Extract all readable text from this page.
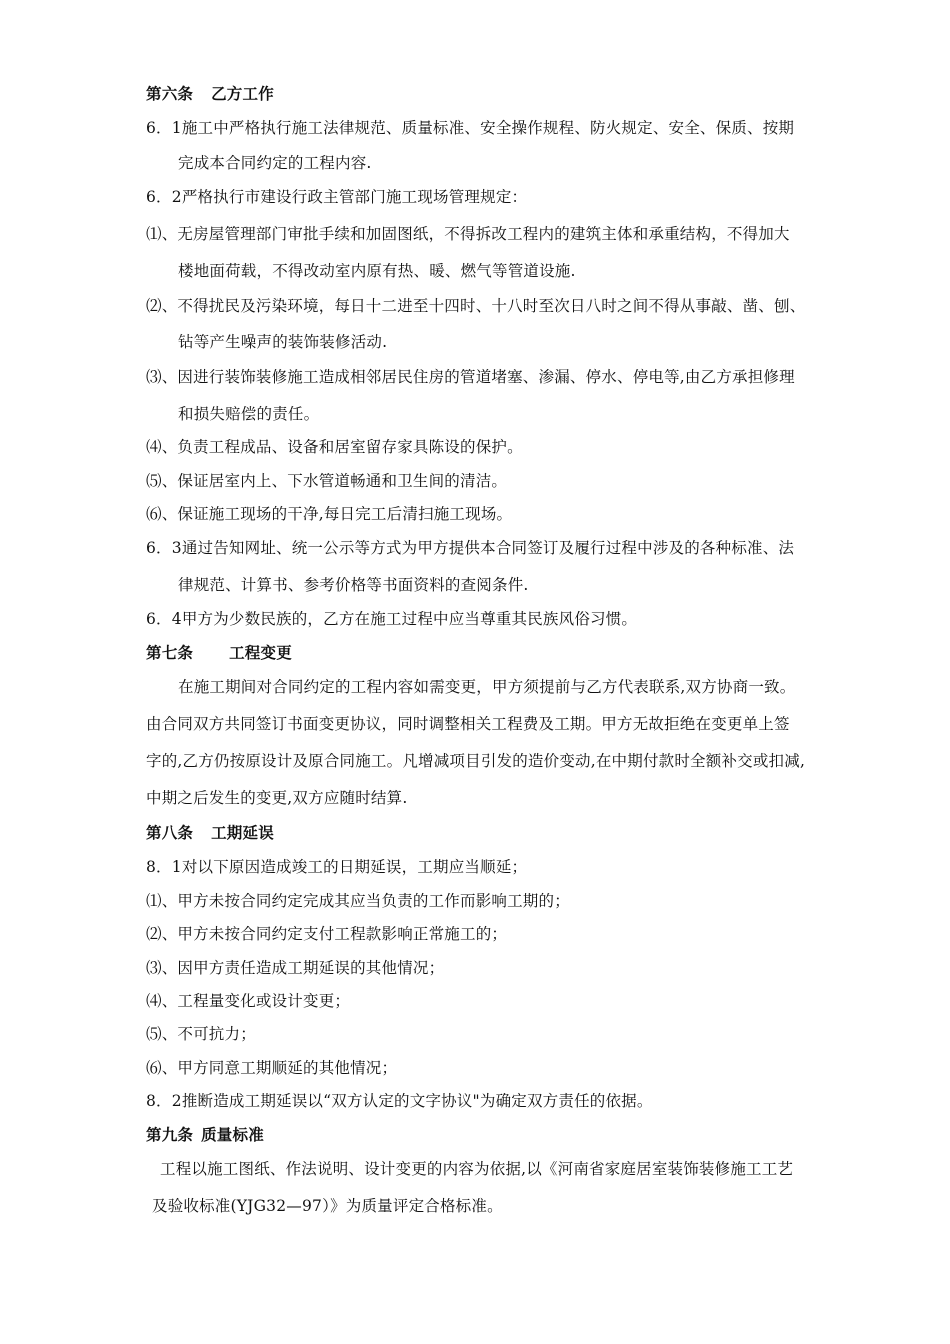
第六条 乙方工作
6．1施工中严格执行施工法律规范、质量标准、安全操作规程、防火规定、安全、保质、按期
完成本合同约定的工程内容.
6．2严格执行市建设行政主管部门施工现场管理规定：
⑴、无房屋管理部门审批手续和加固图纸，不得拆改工程内的建筑主体和承重结构，不得加大
楼地面荷载，不得改动室内原有热、暖、燃气等管道设施.
⑵、不得扰民及污染环境，每日十二进至十四时、十八时至次日八时之间不得从事敲、凿、刨、
钻等产生噪声的装饰装修活动.
⑶、因进行装饰装修施工造成相邻居民住房的管道堵塞、渗漏、停水、停电等,由乙方承担修理
和损失赔偿的责任。
⑷、负责工程成品、设备和居室留存家具陈设的保护。
⑸、保证居室内上、下水管道畅通和卫生间的清洁。
⑹、保证施工现场的干净,每日完工后清扫施工现场。
6．3通过告知网址、统一公示等方式为甲方提供本合同签订及履行过程中涉及的各种标准、法
律规范、计算书、参考价格等书面资料的查阅条件.
6．4甲方为少数民族的，乙方在施工过程中应当尊重其民族风俗习惯。
第七条 工程变更
在施工期间对合同约定的工程内容如需变更，甲方须提前与乙方代表联系,双方协商一致。
由合同双方共同签订书面变更协议，同时调整相关工程费及工期。甲方无故拒绝在变更单上签
字的,乙方仍按原设计及原合同施工。凡增减项目引发的造价变动,在中期付款时全额补交或扣减,
中期之后发生的变更,双方应随时结算.
第八条 工期延误
8．1对以下原因造成竣工的日期延误，工期应当顺延；
⑴、甲方未按合同约定完成其应当负责的工作而影响工期的；
⑵、甲方未按合同约定支付工程款影响正常施工的；
⑶、因甲方责任造成工期延误的其他情况；
⑷、工程量变化或设计变更；
⑸、不可抗力；
⑹、甲方同意工期顺延的其他情况；
8．2推断造成工期延误以“双方认定的文字协议"为确定双方责任的依据。
第九条 质量标准
工程以施工图纸、作法说明、设计变更的内容为依据,以《河南省家庭居室装饰装修施工工艺
及验收标准(YJG32—97）》为质量评定合格标准。
